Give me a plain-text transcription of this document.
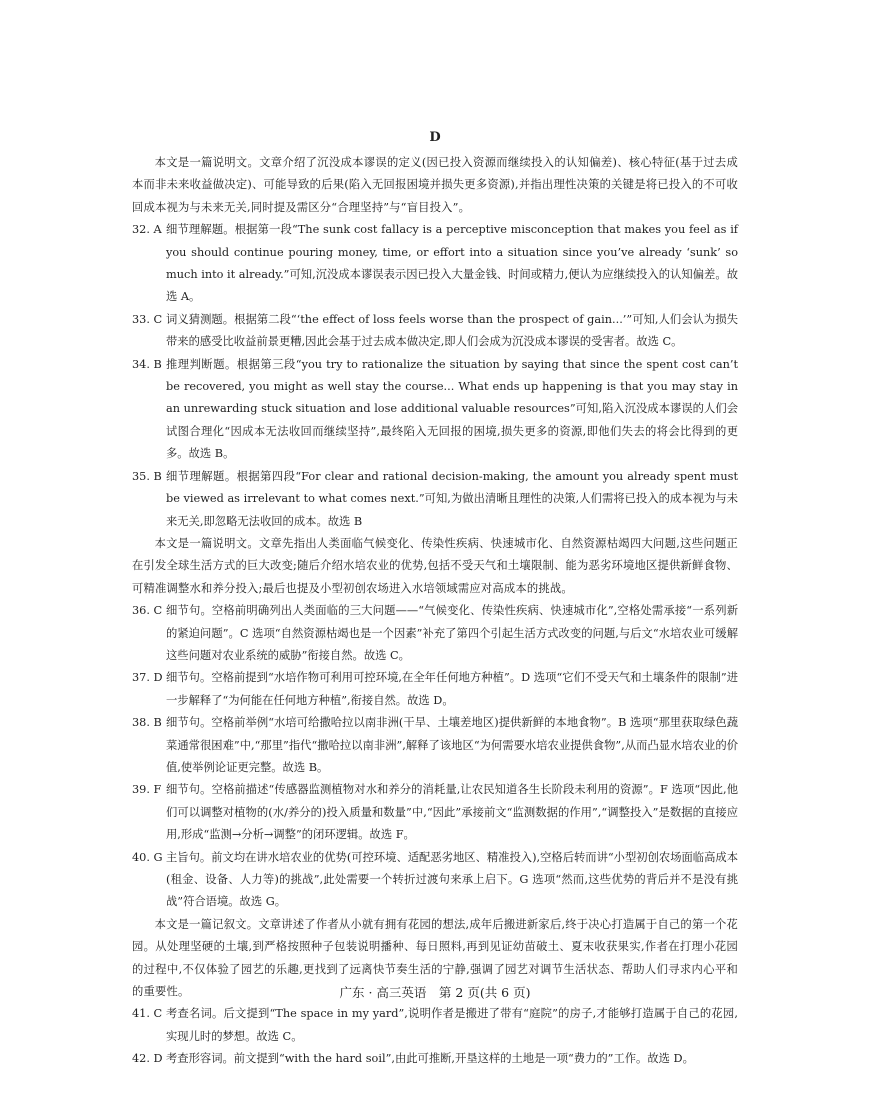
D

本文是一篇说明文。文章介绍了沉没成本谬误的定义(因已投入资源而继续投入的认知偏差)、核心特征(基于过去成本而非未来收益做决定)、可能导致的后果(陷入无回报困境并损失更多资源),并指出理性决策的关键是将已投入的不可收回成本视为与未来无关,同时提及需区分“合理坚持”与“盲目投入”。

32. A 细节理解题。根据第一段“The sunk cost fallacy is a perceptive misconception that makes you feel as if you should continue pouring money, time, or effort into a situation since you’ve already ‘sunk’ so much into it already.”可知,沉没成本谬误表示因已投入大量金钱、时间或精力,便认为应继续投入的认知偏差。故选 A。
33. C 词义猜测题。根据第二段“‘the effect of loss feels worse than the prospect of gain...’”可知,人们会认为损失带来的感受比收益前景更糟,因此会基于过去成本做决定,即人们会成为沉没成本谬误的受害者。故选 C。
34. B 推理判断题。根据第三段“you try to rationalize the situation by saying that since the spent cost can’t be recovered, you might as well stay the course... What ends up happening is that you may stay in an unrewarding stuck situation and lose additional valuable resources”可知,陷入沉没成本谬误的人们会试图合理化“因成本无法收回而继续坚持”,最终陷入无回报的困境,损失更多的资源,即他们失去的将会比得到的更多。故选 B。
35. B 细节理解题。根据第四段“For clear and rational decision-making, the amount you already spent must be viewed as irrelevant to what comes next.”可知,为做出清晰且理性的决策,人们需将已投入的成本视为与未来无关,即忽略无法收回的成本。故选 B

本文是一篇说明文。文章先指出人类面临气候变化、传染性疾病、快速城市化、自然资源枯竭四大问题,这些问题正在引发全球生活方式的巨大改变;随后介绍水培农业的优势,包括不受天气和土壤限制、能为恶劣环境地区提供新鲜食物、可精准调整水和养分投入;最后也提及小型初创农场进入水培领域需应对高成本的挑战。

36. C 细节句。空格前明确列出人类面临的三大问题——“气候变化、传染性疾病、快速城市化”,空格处需承接“一系列新的紧迫问题”。C 选项“自然资源枯竭也是一个因素”补充了第四个引起生活方式改变的问题,与后文“水培农业可缓解这些问题对农业系统的威胁”衔接自然。故选 C。
37. D 细节句。空格前提到“水培作物可利用可控环境,在全年任何地方种植”。D 选项“它们不受天气和土壤条件的限制”进一步解释了“为何能在任何地方种植”,衔接自然。故选 D。
38. B 细节句。空格前举例“水培可给撒哈拉以南非洲(干旱、土壤差地区)提供新鲜的本地食物”。B 选项“那里获取绿色蔬菜通常很困难”中,“那里”指代“撒哈拉以南非洲”,解释了该地区“为何需要水培农业提供食物”,从而凸显水培农业的价值,使举例论证更完整。故选 B。
39. F 细节句。空格前描述“传感器监测植物对水和养分的消耗量,让农民知道各生长阶段未利用的资源”。F 选项“因此,他们可以调整对植物的(水/养分的)投入质量和数量”中,“因此”承接前文“监测数据的作用”,“调整投入”是数据的直接应用,形成“监测→分析→调整”的闭环逻辑。故选 F。
40. G 主旨句。前文均在讲水培农业的优势(可控环境、适配恶劣地区、精准投入),空格后转而讲“小型初创农场面临高成本(租金、设备、人力等)的挑战”,此处需要一个转折过渡句来承上启下。G 选项“然而,这些优势的背后并不是没有挑战”符合语境。故选 G。

本文是一篇记叙文。文章讲述了作者从小就有拥有花园的想法,成年后搬进新家后,终于决心打造属于自己的第一个花园。从处理坚硬的土壤,到严格按照种子包装说明播种、每日照料,再到见证幼苗破土、夏末收获果实,作者在打理小花园的过程中,不仅体验了园艺的乐趣,更找到了远离快节奏生活的宁静,强调了园艺对调节生活状态、帮助人们寻求内心平和的重要性。

41. C 考查名词。后文提到“The space in my yard”,说明作者是搬进了带有“庭院”的房子,才能够打造属于自己的花园,实现儿时的梦想。故选 C。
42. D 考查形容词。前文提到“with the hard soil”,由此可推断,开垦这样的土地是一项“费力的”工作。故选 D。
广东 · 高三英语　第 2 页(共 6 页)
